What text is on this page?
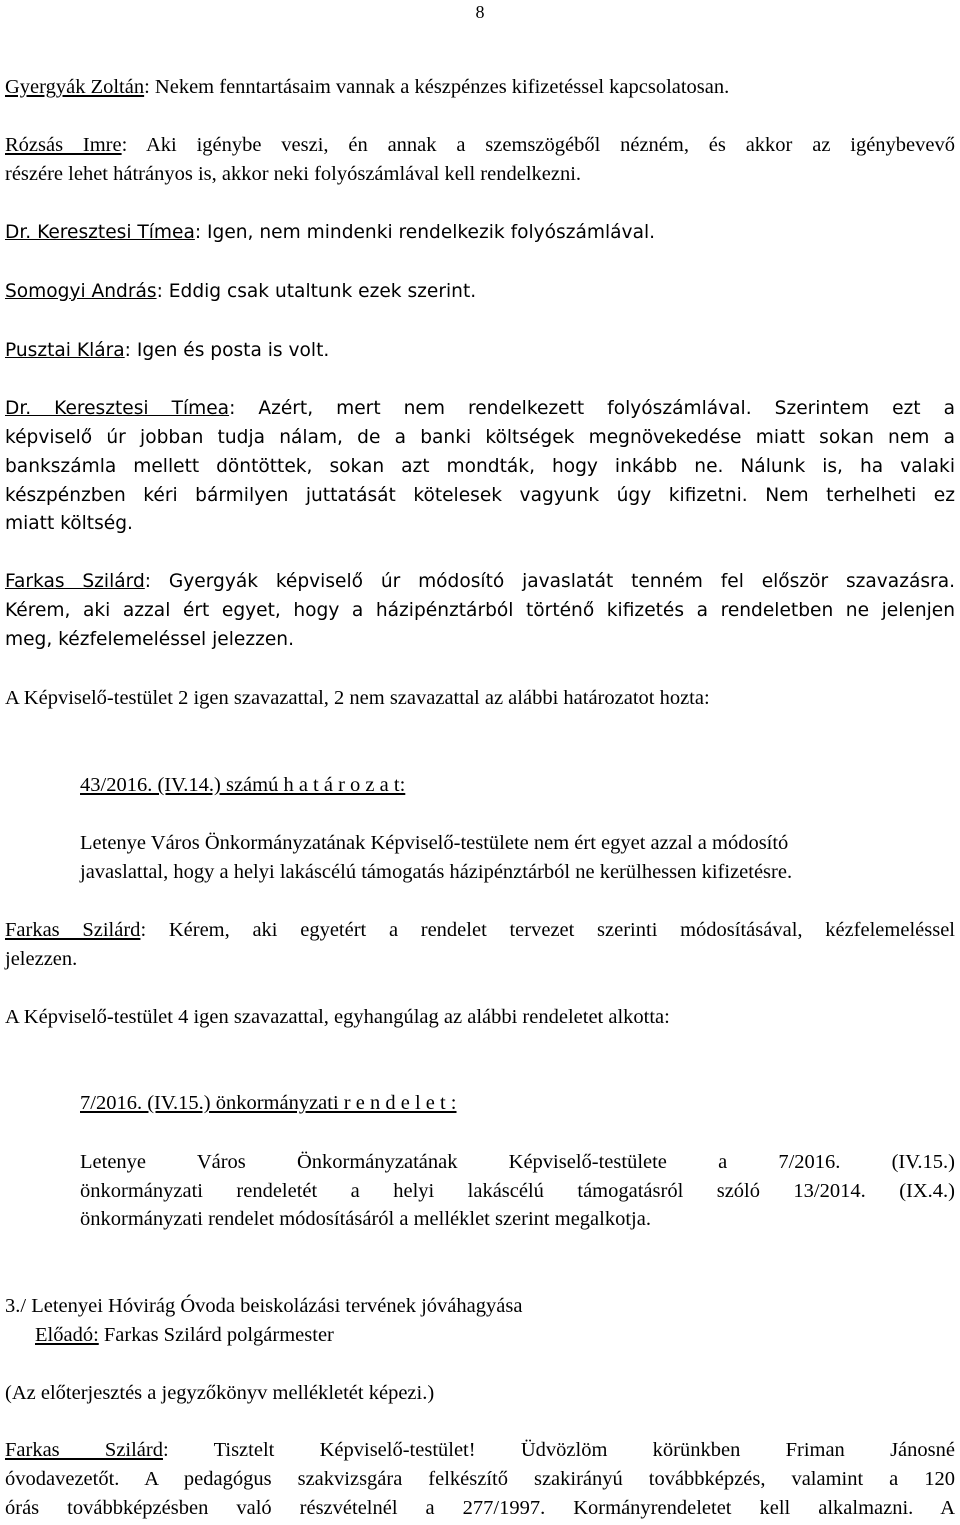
8
Gyergyák Zoltán: Nekem fenntartásaim vannak a készpénzes kifizetéssel kapcsolatosan.
Rózsás Imre: Aki igénybe veszi, én annak a szemszögéből nézném, és akkor az igénybevevő
részére lehet hátrányos is, akkor neki folyószámlával kell rendelkezni.
Dr. Keresztesi Tímea: Igen, nem mindenki rendelkezik folyószámlával.
Somogyi András: Eddig csak utaltunk ezek szerint.
Pusztai Klára: Igen és posta is volt.
Dr. Keresztesi Tímea: Azért, mert nem rendelkezett folyószámlával. Szerintem ezt a
képviselő úr jobban tudja nálam, de a banki költségek megnövekedése miatt sokan nem a
bankszámla mellett döntöttek, sokan azt mondták, hogy inkább ne. Nálunk is, ha valaki
készpénzben kéri bármilyen juttatását kötelesek vagyunk úgy kifizetni. Nem terhelheti ez
miatt költség.
Farkas Szilárd: Gyergyák képviselő úr módosító javaslatát tenném fel először szavazásra.
Kérem, aki azzal ért egyet, hogy a házipénztárból történő kifizetés a rendeletben ne jelenjen
meg, kézfelemeléssel jelezzen.
A Képviselő-testület 2 igen szavazattal, 2 nem szavazattal az alábbi határozatot hozta:
43/2016. (IV.14.) számú h a t á r o z a t:
Letenye Város Önkormányzatának Képviselő-testülete nem ért egyet azzal a módosító
javaslattal, hogy a helyi lakáscélú támogatás házipénztárból ne kerülhessen kifizetésre.
Farkas Szilárd: Kérem, aki egyetért a rendelet tervezet szerinti módosításával, kézfelemeléssel
jelezzen.
A Képviselő-testület 4 igen szavazattal, egyhangúlag az alábbi rendeletet alkotta:
7/2016. (IV.15.) önkormányzati r e n d e l e t :
Letenye Város Önkormányzatának Képviselő-testülete a 7/2016. (IV.15.)
önkormányzati rendeletét a helyi lakáscélú támogatásról szóló 13/2014. (IX.4.)
önkormányzati rendelet módosításáról a melléklet szerint megalkotja.
3./ Letenyei Hóvirág Óvoda beiskolázási tervének jóváhagyása
Előadó: Farkas Szilárd polgármester
(Az előterjesztés a jegyzőkönyv mellékletét képezi.)
Farkas Szilárd: Tisztelt Képviselő-testület! Üdvözlöm körünkben Friman Jánosné
óvodavezetőt. A pedagógus szakvizsgára felkészítő szakirányú továbbképzés, valamint a 120
órás továbbképzésben való részvételnél a 277/1997. Kormányrendeletet kell alkalmazni. A
